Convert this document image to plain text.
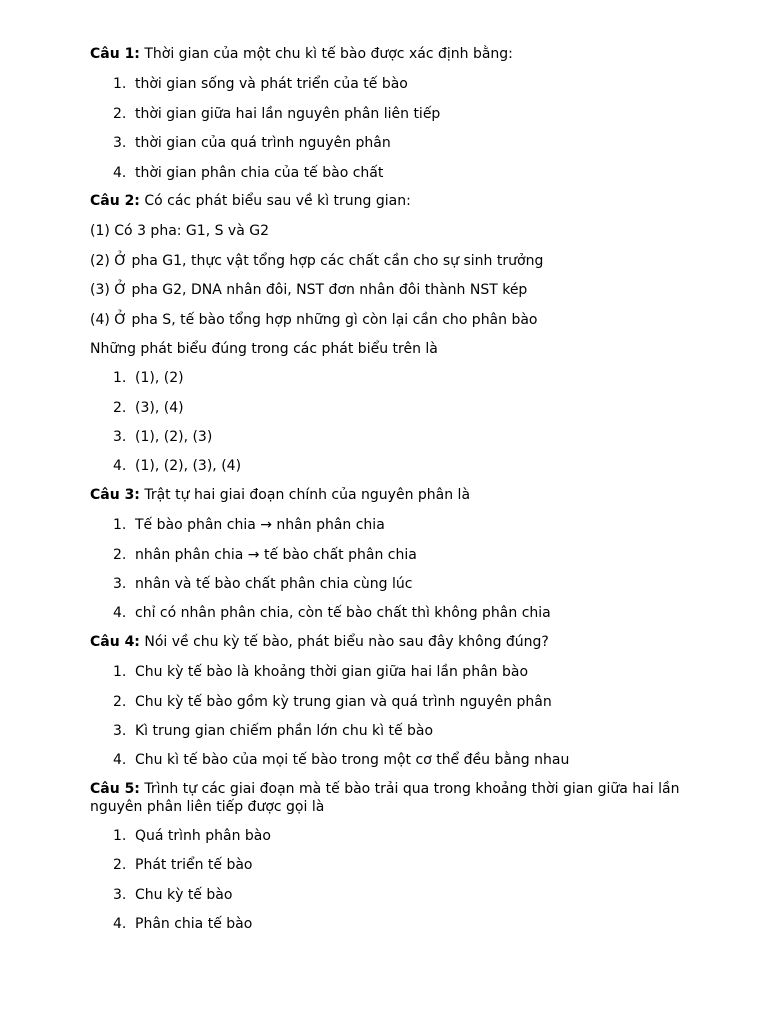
Câu 1: Thời gian của một chu kì tế bào được xác định bằng:
1. thời gian sống và phát triển của tế bào
2. thời gian giữa hai lần nguyên phân liên tiếp
3. thời gian của quá trình nguyên phân
4. thời gian phân chia của tế bào chất
Câu 2: Có các phát biểu sau về kì trung gian:
(1) Có 3 pha: G1, S và G2
(2) Ở pha G1, thực vật tổng hợp các chất cần cho sự sinh trưởng
(3) Ở pha G2, DNA nhân đôi, NST đơn nhân đôi thành NST kép
(4) Ở pha S, tế bào tổng hợp những gì còn lại cần cho phân bào
Những phát biểu đúng trong các phát biểu trên là
1. (1), (2)
2. (3), (4)
3. (1), (2), (3)
4. (1), (2), (3), (4)
Câu 3: Trật tự hai giai đoạn chính của nguyên phân là
1. Tế bào phân chia → nhân phân chia
2. nhân phân chia → tế bào chất phân chia
3. nhân và tế bào chất phân chia cùng lúc
4. chỉ có nhân phân chia, còn tế bào chất thì không phân chia
Câu 4: Nói về chu kỳ tế bào, phát biểu nào sau đây không đúng?
1. Chu kỳ tế bào là khoảng thời gian giữa hai lần phân bào
2. Chu kỳ tế bào gồm kỳ trung gian và quá trình nguyên phân
3. Kì trung gian chiếm phần lớn chu kì tế bào
4. Chu kì tế bào của mọi tế bào trong một cơ thể đều bằng nhau
Câu 5: Trình tự các giai đoạn mà tế bào trải qua trong khoảng thời gian giữa hai lần nguyên phân liên tiếp được gọi là
1. Quá trình phân bào
2. Phát triển tế bào
3. Chu kỳ tế bào
4. Phân chia tế bào
